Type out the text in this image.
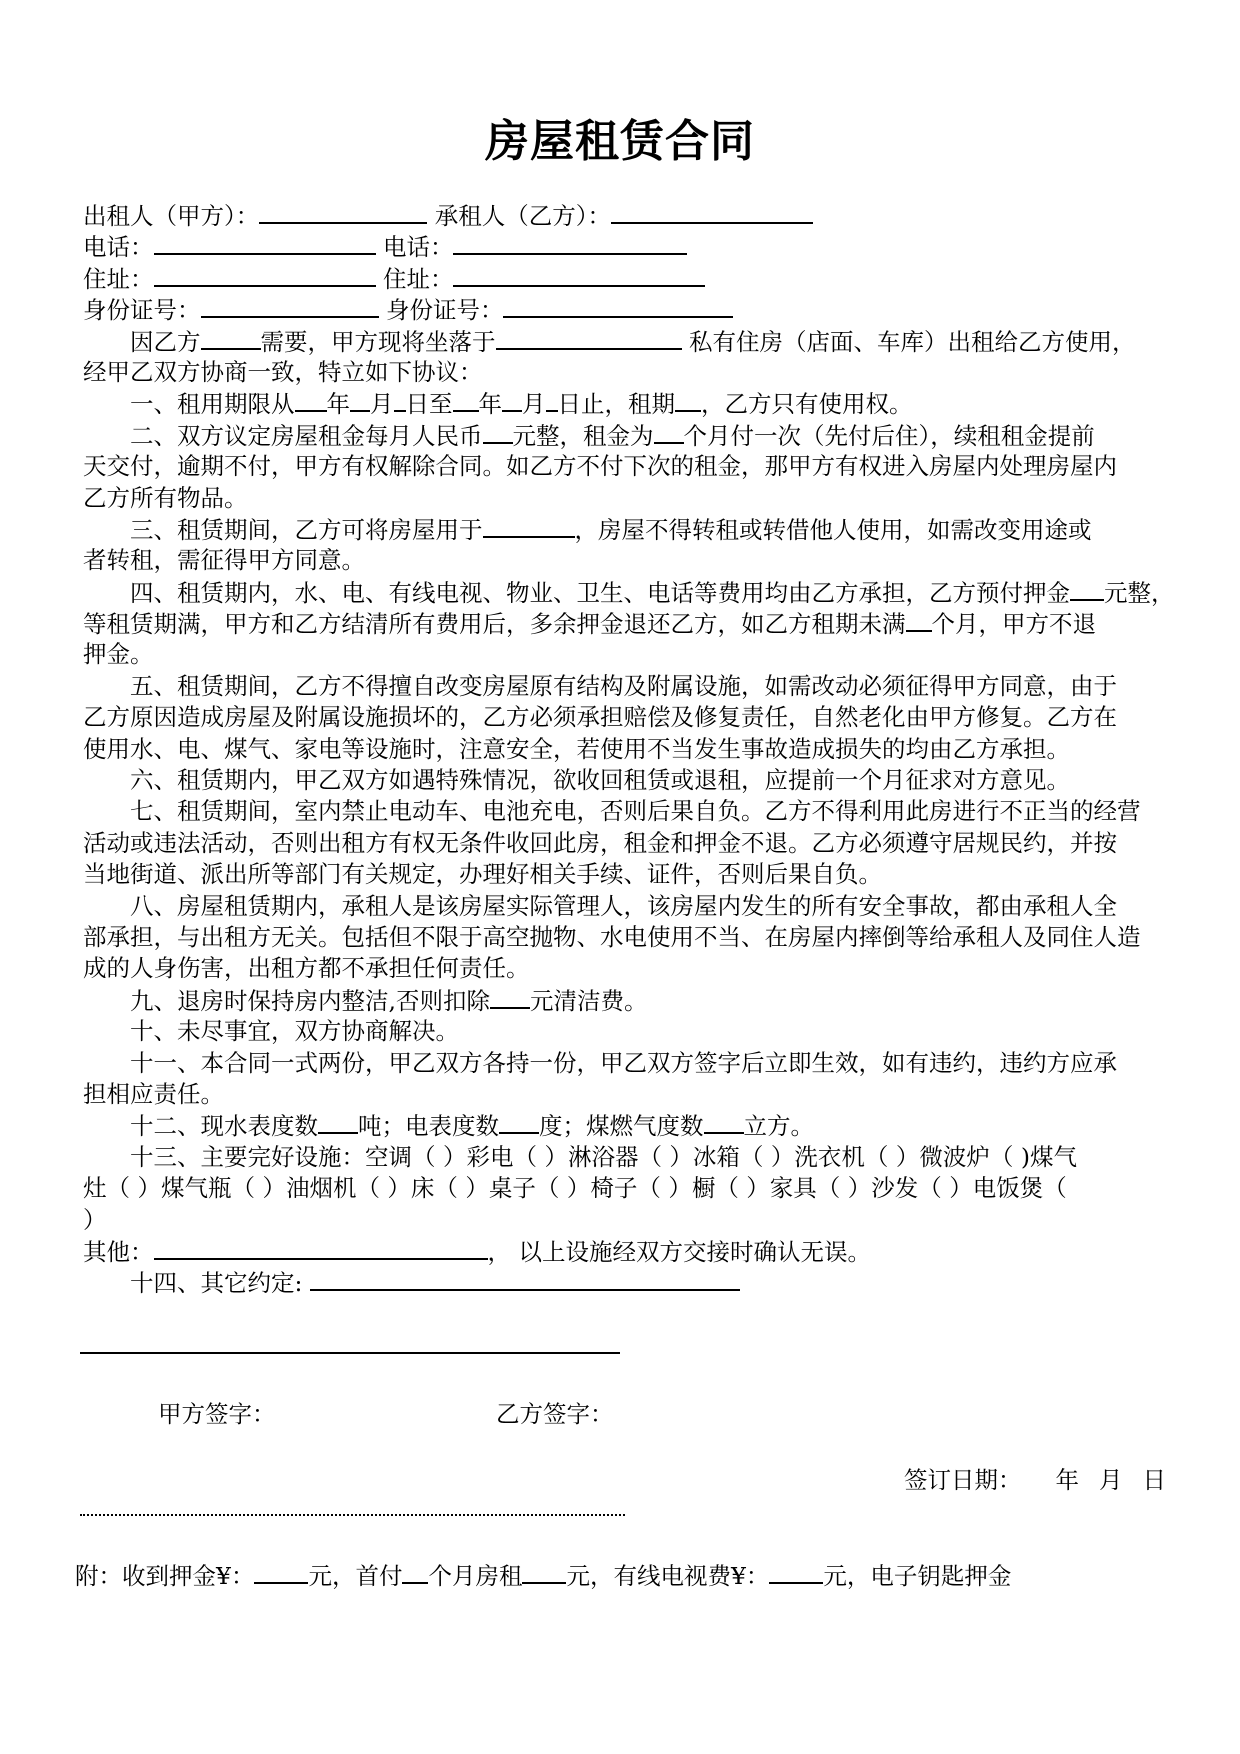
房屋租赁合同
出租人（甲方）：	承租人（乙方）：
电话：	电话：
住址：	住址：
身份证号：	身份证号：
因乙方	需要，甲方现将坐落于	私有住房（店面、车库）出租给乙方使用，
经甲乙双方协商一致，特立如下协议：
一、租用期限从 年 月 日至 年 月 日止，租期 ，乙方只有使用权。
二、双方议定房屋租金每月人民币 元整，租金为 个月付一次（先付后住），续租租金提前
天交付，逾期不付，甲方有权解除合同。如乙方不付下次的租金，那甲方有权进入房屋内处理房屋内
乙方所有物品。
三、租赁期间，乙方可将房屋用于	，房屋不得转租或转借他人使用，如需改变用途或
者转租，需征得甲方同意。
四、租赁期内，水、电、有线电视、物业、卫生、电话等费用均由乙方承担，乙方预付押金 元整，
等租赁期满，甲方和乙方结清所有费用后，多余押金退还乙方，如乙方租期未满 个月，甲方不退
押金。
五、租赁期间，乙方不得擅自改变房屋原有结构及附属设施，如需改动必须征得甲方同意，由于
乙方原因造成房屋及附属设施损坏的，乙方必须承担赔偿及修复责任，自然老化由甲方修复。乙方在
使用水、电、煤气、家电等设施时，注意安全，若使用不当发生事故造成损失的均由乙方承担。
六、租赁期内，甲乙双方如遇特殊情况，欲收回租赁或退租，应提前一个月征求对方意见。
七、租赁期间，室内禁止电动车、电池充电，否则后果自负。乙方不得利用此房进行不正当的经营
活动或违法活动，否则出租方有权无条件收回此房，租金和押金不退。乙方必须遵守居规民约，并按
当地街道、派出所等部门有关规定，办理好相关手续、证件，否则后果自负。
八、房屋租赁期内，承租人是该房屋实际管理人，该房屋内发生的所有安全事故，都由承租人全
部承担，与出租方无关。包括但不限于高空抛物、水电使用不当、在房屋内摔倒等给承租人及同住人造
成的人身伤害，出租方都不承担任何责任。
九、退房时保持房内整洁,否则扣除 元清洁费。
十、未尽事宜，双方协商解决。
十一、本合同一式两份，甲乙双方各持一份，甲乙双方签字后立即生效，如有违约，违约方应承
担相应责任。
十二、现水表度数 吨；电表度数 度；煤燃气度数 立方。
十三、主要完好设施：空调（ ）彩电（ ）淋浴器（ ）冰箱（ ）洗衣机（ ）微波炉（ )煤气
灶（ ）煤气瓶（ ）油烟机（ ）床（ ）桌子（ ）椅子（ ）橱（ ）家具（ ）沙发（ ）电饭煲（
）
其他：	， 以上设施经双方交接时确认无误。
十四、其它约定:
甲方签字：	乙方签字：
签订日期： 年 月 日
附：收到押金¥： 元，首付 个月房租 元，有线电视费¥： 元，电子钥匙押金
